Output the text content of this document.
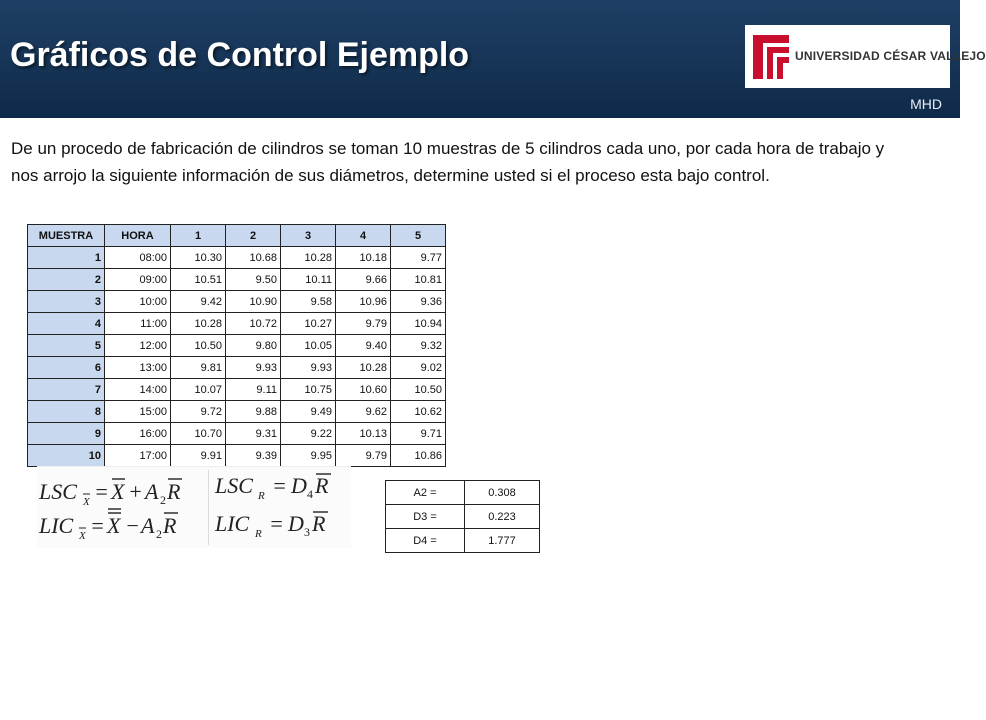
Gráficos de Control Ejemplo
MHD
UNIVERSIDAD CÉSAR VALLEJO
De un procedo de fabricación de cilindros se toman 10 muestras de 5 cilindros cada uno, por cada hora de trabajo y nos arrojo la siguiente información de sus diámetros, determine usted si el proceso esta bajo control.
MUESTRA	HORA	1	2	3	4	5
1	08:00	10.30	10.68	10.28	10.18	9.77
2	09:00	10.51	9.50	10.11	9.66	10.81
3	10:00	9.42	10.90	9.58	10.96	9.36
4	11:00	10.28	10.72	10.27	9.79	10.94
5	12:00	10.50	9.80	10.05	9.40	9.32
6	13:00	9.81	9.93	9.93	10.28	9.02
7	14:00	10.07	9.11	10.75	10.60	10.50
8	15:00	9.72	9.88	9.49	9.62	10.62
9	16:00	10.70	9.31	9.22	10.13	9.71
10	17:00	9.91	9.39	9.95	9.79	10.86
LSC X = X + A 2 R
LIC X = X − A 2 R
LSC R = D 4 R
LIC R = D 3 R
A2 =	0.308
D3 =	0.223
D4 =	1.777
